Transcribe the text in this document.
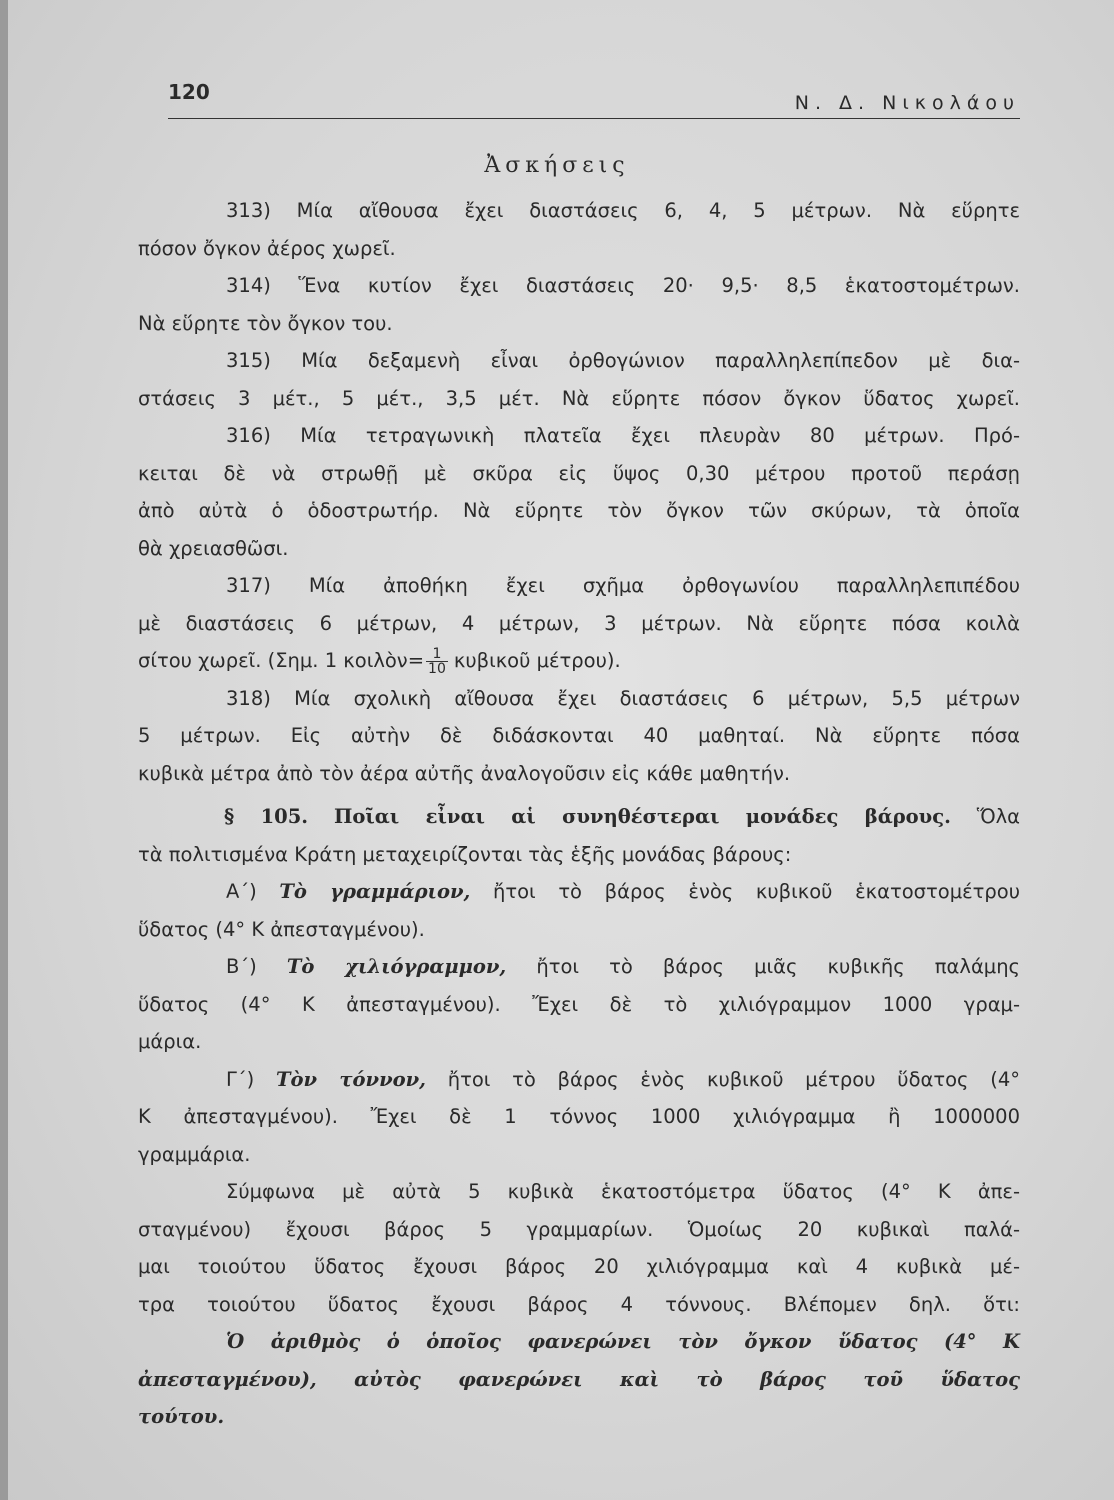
120	Ν. Δ. Νικολάου
Ἀσκήσεις
313) Μία αἴθουσα ἔχει διαστάσεις 6, 4, 5 μέτρων. Νὰ εὕρητε
πόσον ὄγκον ἀέρος χωρεῖ.
314) Ἕνα κυτίον ἔχει διαστάσεις 20· 9,5· 8,5 ἑκατοστομέτρων.
Νὰ εὕρητε τὸν ὄγκον του.
315) Μία δεξαμενὴ εἶναι ὀρθογώνιον παραλληλεπίπεδον μὲ δια-
στάσεις 3 μέτ., 5 μέτ., 3,5 μέτ. Νὰ εὕρητε πόσον ὄγκον ὕδατος χωρεῖ.
316) Μία τετραγωνικὴ πλατεῖα ἔχει πλευρὰν 80 μέτρων. Πρό-
κειται δὲ νὰ στρωθῇ μὲ σκῦρα εἰς ὕψος 0,30 μέτρου προτοῦ περάσῃ
ἀπὸ αὐτὰ ὁ ὁδοστρωτήρ. Νὰ εὕρητε τὸν ὄγκον τῶν σκύρων, τὰ ὁποῖα
θὰ χρειασθῶσι.
317) Μία ἀποθήκη ἔχει σχῆμα ὀρθογωνίου παραλληλεπιπέδου
μὲ διαστάσεις 6 μέτρων, 4 μέτρων, 3 μέτρων. Νὰ εὕρητε πόσα κοιλὰ
σίτου χωρεῖ. (Σημ. 1 κοιλὸν= $\frac{1}{10}$ κυβικοῦ μέτρου).
318) Μία σχολικὴ αἴθουσα ἔχει διαστάσεις 6 μέτρων, 5,5 μέτρων
5 μέτρων. Εἰς αὐτὴν δὲ διδάσκονται 40 μαθηταί. Νὰ εὕρητε πόσα
κυβικὰ μέτρα ἀπὸ τὸν ἀέρα αὐτῆς ἀναλογοῦσιν εἰς κάθε μαθητήν.
§ 105. Ποῖαι εἶναι αἱ συνηθέστεραι μονάδες βάρους. Ὅλα
τὰ πολιτισμένα Κράτη μεταχειρίζονται τὰς ἑξῆς μονάδας βάρους:
Α΄) Τὸ γραμμάριον, ἤτοι τὸ βάρος ἑνὸς κυβικοῦ ἑκατοστομέτρου
ὕδατος (4° Κ ἀπεσταγμένου).
Β΄) Τὸ χιλιόγραμμον, ἤτοι τὸ βάρος μιᾶς κυβικῆς παλάμης
ὕδατος (4° Κ ἀπεσταγμένου). Ἔχει δὲ τὸ χιλιόγραμμον 1000 γραμ-
μάρια.
Γ΄) Τὸν τόννον, ἤτοι τὸ βάρος ἑνὸς κυβικοῦ μέτρου ὕδατος (4°
Κ ἀπεσταγμένου). Ἔχει δὲ 1 τόννος 1000 χιλιόγραμμα ἢ 1000000
γραμμάρια.
Σύμφωνα μὲ αὐτὰ 5 κυβικὰ ἑκατοστόμετρα ὕδατος (4° Κ ἀπε-
σταγμένου) ἔχουσι βάρος 5 γραμμαρίων. Ὁμοίως 20 κυβικαὶ παλά-
μαι τοιούτου ὕδατος ἔχουσι βάρος 20 χιλιόγραμμα καὶ 4 κυβικὰ μέ-
τρα τοιούτου ὕδατος ἔχουσι βάρος 4 τόννους. Βλέπομεν δηλ. ὅτι:
Ὁ ἀριθμὸς ὁ ὁποῖος φανερώνει τὸν ὄγκον ὕδατος (4° Κ
ἀπεσταγμένου), αὐτὸς φανερώνει καὶ τὸ βάρος τοῦ ὕδατος
τούτου.
